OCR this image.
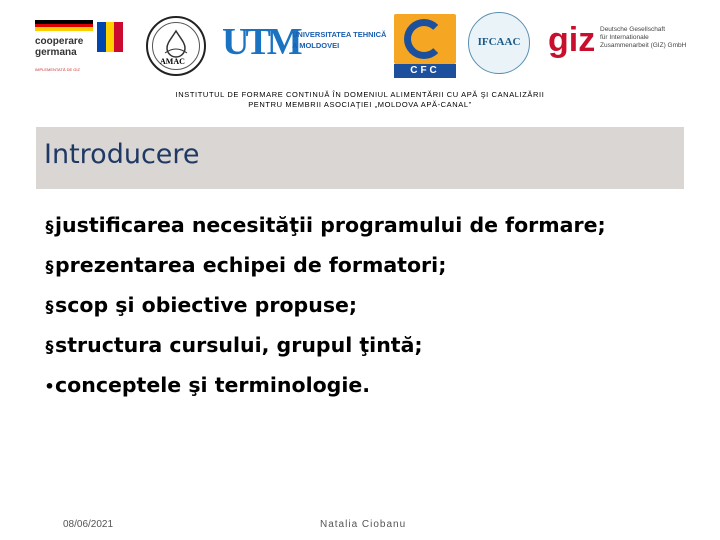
cooperare
germana
IMPLEMENTATĂ DE GIZ
AMAC UTM
UNIVERSITATEA TEHNICĂ
A MOLDOVEI
CFC
IFCAAC giz Deutsche Gesellschaft
für Internationale
Zusammenarbeit (GIZ) GmbH
INSTITUTUL DE FORMARE CONTINUĂ ÎN DOMENIUL ALIMENTĂRII CU APĂ ŞI CANALIZĂRII
PENTRU MEMBRII ASOCIAŢIEI „MOLDOVA APĂ-CANAL”
Introducere
§justificarea necesităţii programului de formare;
§prezentarea echipei de formatori;
§scop şi obiective propuse;
§structura cursului, grupul ţintă;
•conceptele şi terminologie.
08/06/2021	Natalia Ciobanu
